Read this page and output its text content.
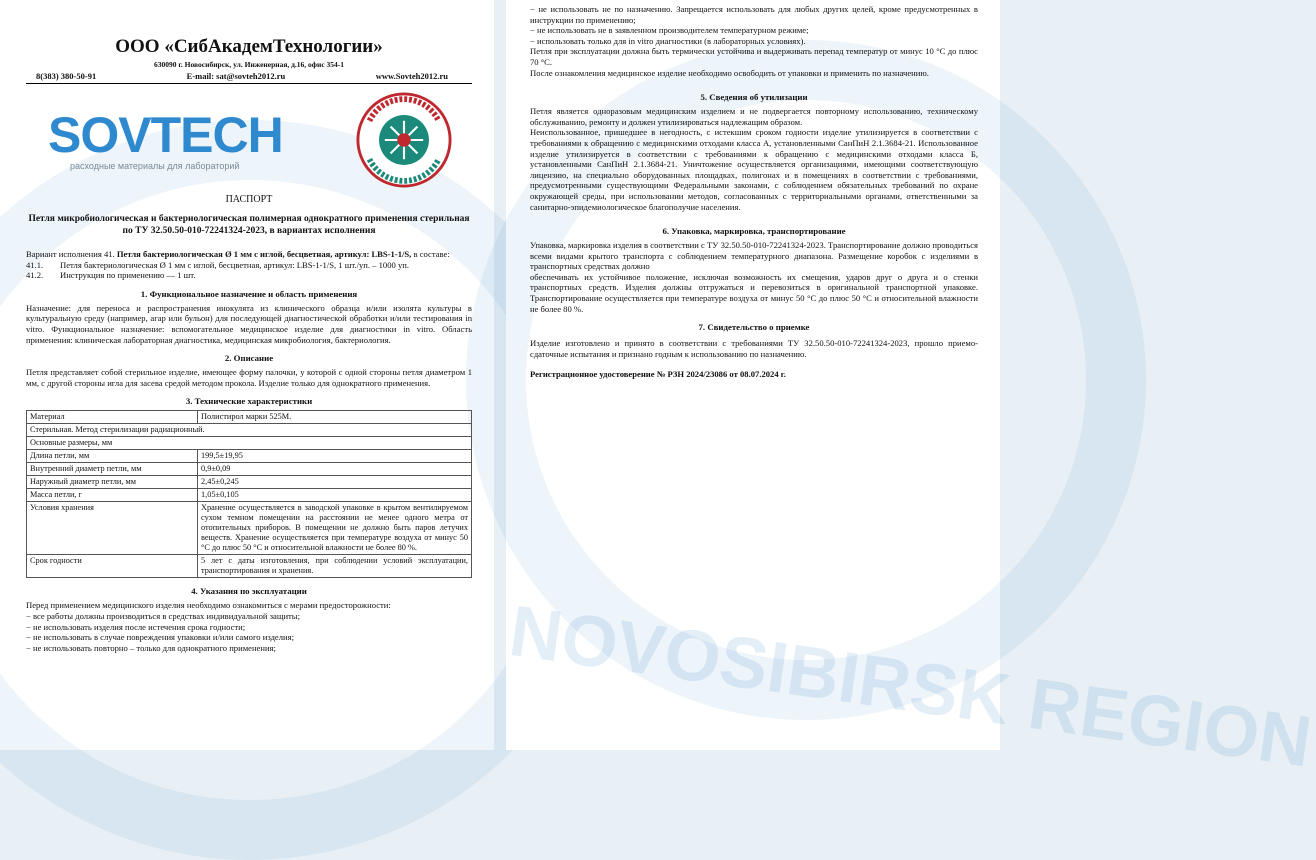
ООО «СибАкадемТехнологии»
630090 г. Новосибирск, ул. Инженерная, д.16, офис 354-1
8(383) 380-50-91	E-mail: sat@sovteh2012.ru	www.Sovteh2012.ru
SOVTECH
расходные материалы для лабораторий
ПАСПОРТ
Петля микробиологическая и бактериологическая полимерная однократного применения стерильная по ТУ 32.50.50-010-72241324-2023, в вариантах исполнения

Вариант исполнения 41. Петля бактериологическая Ø 1 мм с иглой, бесцветная, артикул: LBS-1-1/S, в составе:

41.1.	Петля бактериологическая Ø 1 мм с иглой, бесцветная, артикул: LBS-1-1/S, 1 шт./уп. – 1000 уп.
41.2.	Инструкция по применению — 1 шт.
1. Функциональное назначение и область применения

Назначение: для переноса и распространения инокулята из клинического образца и/или изолята культуры в культуральную среду (например, агар или бульон) для последующей диагностической обработки и/или тестирования in vitro. Функциональное назначение: вспомогательное медицинское изделие для диагностики in vitro. Область применения: клиническая лабораторная диагностика, медицинская микробиология, бактериология.

2. Описание

Петля представляет собой стерильное изделие, имеющее форму палочки, у которой с одной стороны петля диаметром 1 мм, с другой стороны игла для засева средой методом прокола. Изделие только для однократного применения.

3. Технические характеристики
Материал	Полистирол марки 525М.
Стерильная. Метод стерилизации радиационный.	
Основные размеры, мм	
Длина петли, мм	199,5±19,95
Внутренний диаметр петли, мм	0,9±0,09
Наружный диаметр петли, мм	2,45±0,245
Масса петли, г	1,05±0,105
Условия хранения	Хранение осуществляется в заводской упаковке в крытом вентилируемом сухом темном помещении на расстоянии не менее одного метра от отопительных приборов. В помещении не должно быть паров летучих веществ. Хранение осуществляется при температуре воздуха от минус 50 °С до плюс 50 °С и относительной влажности не более 80 %.
Срок годности	5 лет с даты изготовления, при соблюдении условий эксплуатации, транспортирования и хранения.
4. Указания по эксплуатации
Перед применением медицинского изделия необходимо ознакомиться с мерами предосторожности:
− все работы должны производиться в средствах индивидуальной защиты;
− не использовать изделия после истечения срока годности;
− не использовать в случае повреждения упаковки и/или самого изделия;
− не использовать повторно – только для однократного применения;	NOVOSIBIRSK REGION
− не использовать не по назначению. Запрещается использовать для любых других целей, кроме предусмотренных в инструкции по применению;
− не использовать не в заявленном производителем температурном режиме;
− использовать только для in vitro диагностики (в лабораторных условиях).
Петля при эксплуатации должна быть термически устойчива и выдерживать перепад температур от минус 10 °С до плюс 70 °С.
После ознакомления медицинское изделие необходимо освободить от упаковки и применить по назначению.
5. Сведения об утилизации

Петля является одноразовым медицинским изделием и не подвергается повторному использованию, техническому обслуживанию, ремонту и должен утилизироваться надлежащим образом.

Неиспользованное, пришедшее в негодность, с истекшим сроком годности изделие утилизируется в соответствии с требованиями к обращению с медицинскими отходами класса А, установленными СанПиН 2.1.3684-21. Использованное изделие утилизируется в соответствии с требованиями к обращению с медицинскими отходами класса Б, установленными СанПиН 2.1.3684-21. Уничтожение осуществляется организациями, имеющими соответствующую лицензию, на специально оборудованных площадках, полигонах и в помещениях в соответствии с требованиями, предусмотренными существующими Федеральными законами, с соблюдением обязательных требований по охране окружающей среды, при использовании методов, согласованных с территориальными органами, ответственными за санитарно-эпидемиологическое благополучие населения.

6. Упаковка, маркировка, транспортирование

Упаковка, маркировка изделия в соответствии с ТУ 32.50.50-010-72241324-2023. Транспортирование должно проводиться всеми видами крытого транспорта с соблюдением температурного диапазона. Размещение коробок с изделиями в транспортных средствах должно

обеспечивать их устойчивое положение, исключая возможность их смещения, ударов друг о друга и о стенки транспортных средств. Изделия должны отгружаться и перевозиться в оригинальной транспортной упаковке. Транспортирование осуществляется при температуре воздуха от минус 50 °С до плюс 50 °С и относительной влажности не более 80 %.

7. Свидетельство о приемке

Изделие изготовлено и принято в соответствии с требованиями ТУ 32.50.50-010-72241324-2023, прошло приемо-сдаточные испытания и признано годным к использованию по назначению.

Регистрационное удостоверение № РЗН 2024/23086 от 08.07.2024 г.
